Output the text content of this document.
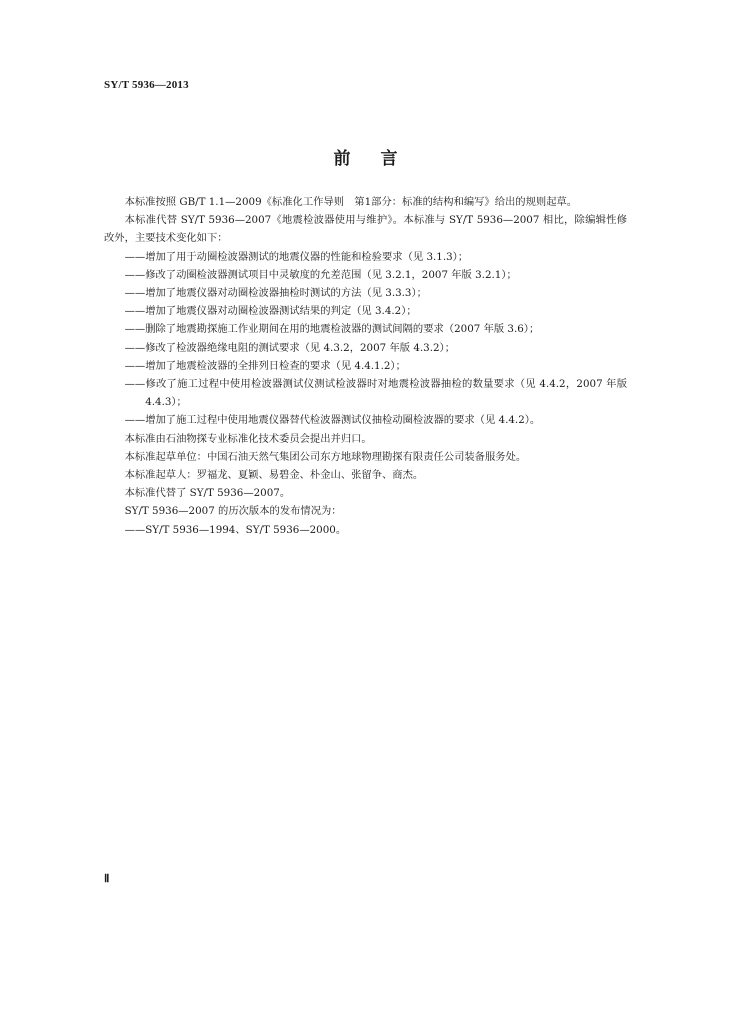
SY/T 5936—2013
前言

本标准按照 GB/T 1.1—2009《标准化工作导则　第1部分：标准的结构和编写》给出的规则起草。

本标准代替 SY/T 5936—2007《地震检波器使用与维护》。本标准与 SY/T 5936—2007 相比，除编辑性修改外，主要技术变化如下：

——增加了用于动圈检波器测试的地震仪器的性能和检验要求（见 3.1.3）；

——修改了动圈检波器测试项目中灵敏度的允差范围（见 3.2.1，2007 年版 3.2.1）；

——增加了地震仪器对动圈检波器抽检时测试的方法（见 3.3.3）；

——增加了地震仪器对动圈检波器测试结果的判定（见 3.4.2）；

——删除了地震勘探施工作业期间在用的地震检波器的测试间隔的要求（2007 年版 3.6）；

——修改了检波器绝缘电阻的测试要求（见 4.3.2，2007 年版 4.3.2）；

——增加了地震检波器的全排列日检查的要求（见 4.4.1.2）；

——修改了施工过程中使用检波器测试仪测试检波器时对地震检波器抽检的数量要求（见 4.4.2，2007 年版 4.4.3）；

——增加了施工过程中使用地震仪器替代检波器测试仪抽检动圈检波器的要求（见 4.4.2）。

本标准由石油物探专业标准化技术委员会提出并归口。

本标准起草单位：中国石油天然气集团公司东方地球物理勘探有限责任公司装备服务处。

本标准起草人：罗福龙、夏颖、易碧金、朴金山、张留争、商杰。

本标准代替了 SY/T 5936—2007。

SY/T 5936—2007 的历次版本的发布情况为：

——SY/T 5936—1994、SY/T 5936—2000。

Ⅱ
